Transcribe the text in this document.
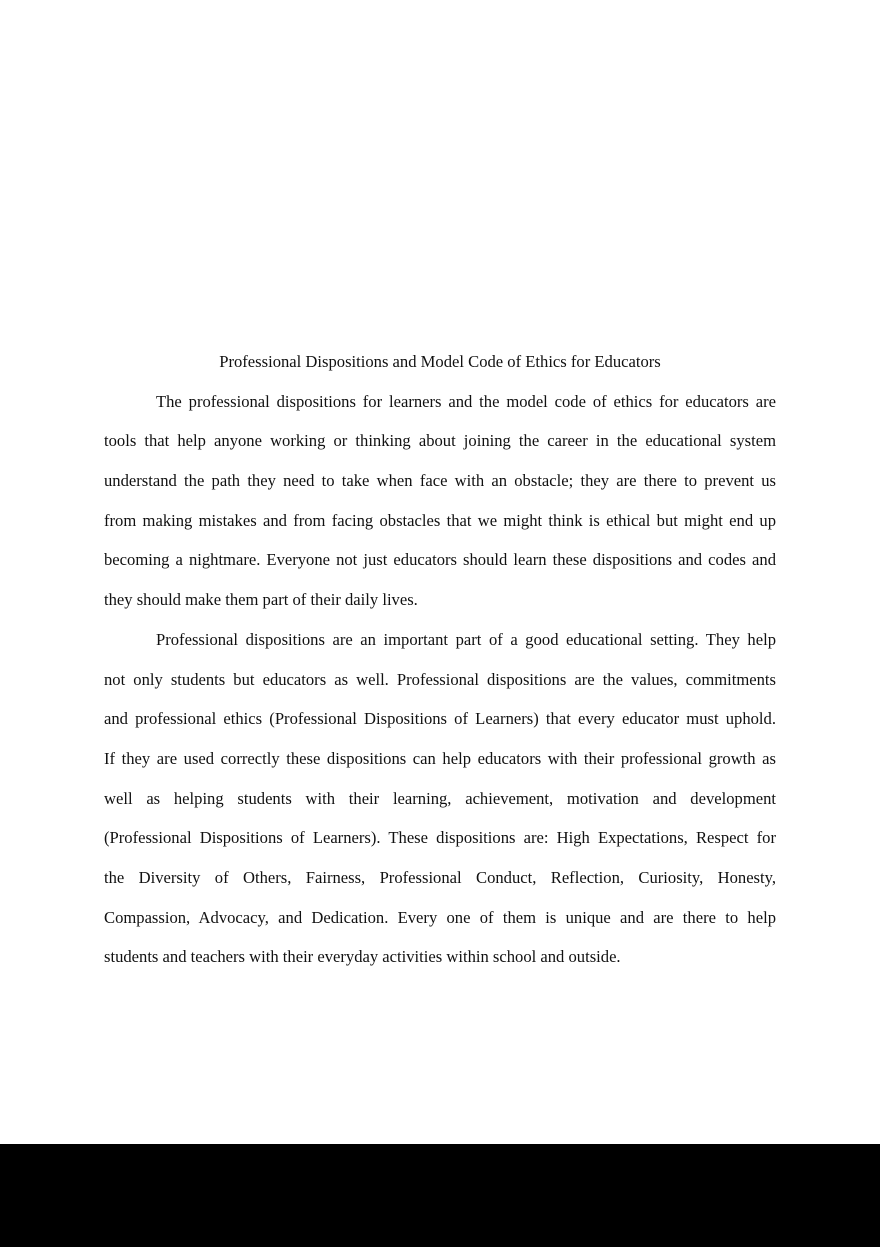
Professional Dispositions and Model Code of Ethics for Educators
The professional dispositions for learners and the model code of ethics for educators are
tools that help anyone working or thinking about joining the career in the educational system
understand the path they need to take when face with an obstacle; they are there to prevent us
from making mistakes and from facing obstacles that we might think is ethical but might end up
becoming a nightmare. Everyone not just educators should learn these dispositions and codes and
they should make them part of their daily lives.
Professional dispositions are an important part of a good educational setting. They help
not only students but educators as well. Professional dispositions are the values, commitments
and professional ethics (Professional Dispositions of Learners) that every educator must uphold.
If they are used correctly these dispositions can help educators with their professional growth as
well as helping students with their learning, achievement, motivation and development
(Professional Dispositions of Learners). These dispositions are: High Expectations, Respect for
the Diversity of Others, Fairness, Professional Conduct, Reflection, Curiosity, Honesty,
Compassion, Advocacy, and Dedication. Every one of them is unique and are there to help
students and teachers with their everyday activities within school and outside.
